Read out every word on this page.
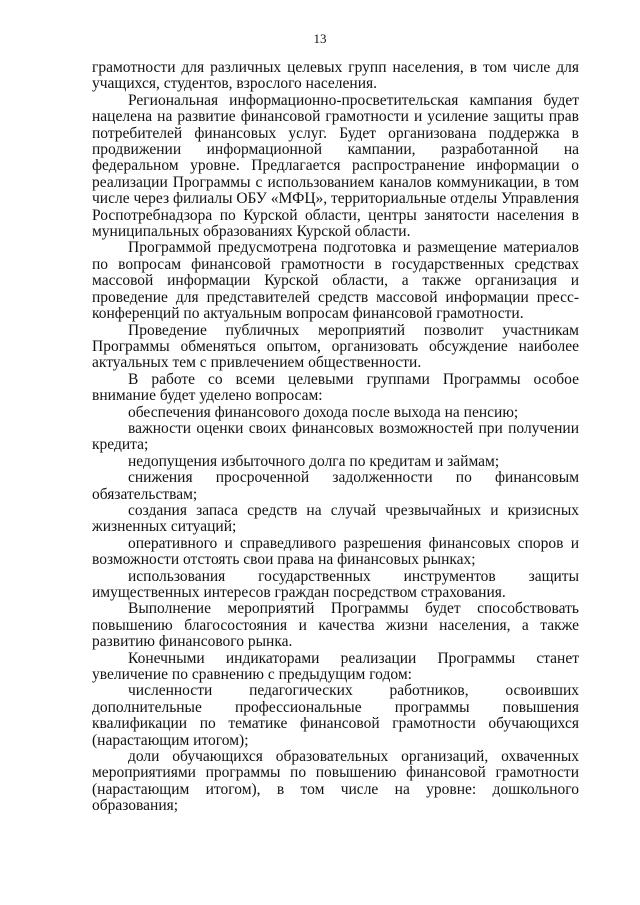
13

грамотности для различных целевых групп населения, в том числе для учащихся, студентов, взрослого населения.

Региональная информационно-просветительская кампания будет нацелена на развитие финансовой грамотности и усиление защиты прав потребителей финансовых услуг. Будет организована поддержка в продвижении информационной кампании, разработанной на федеральном уровне. Предлагается распространение информации о реализации Программы с использованием каналов коммуникации, в том числе через филиалы ОБУ «МФЦ», территориальные отделы Управления Роспотребнадзора по Курской области, центры занятости населения в муниципальных образованиях Курской области.

Программой предусмотрена подготовка и размещение материалов по вопросам финансовой грамотности в государственных средствах массовой информации Курской области, а также организация и проведение для представителей средств массовой информации пресс-конференций по актуальным вопросам финансовой грамотности.

Проведение публичных мероприятий позволит участникам Программы обменяться опытом, организовать обсуждение наиболее актуальных тем с привлечением общественности.

В работе со всеми целевыми группами Программы особое внимание будет уделено вопросам:

обеспечения финансового дохода после выхода на пенсию;

важности оценки своих финансовых возможностей при получении кредита;

недопущения избыточного долга по кредитам и займам;

снижения просроченной задолженности по финансовым обязательствам;

создания запаса средств на случай чрезвычайных и кризисных жизненных ситуаций;

оперативного и справедливого разрешения финансовых споров и возможности отстоять свои права на финансовых рынках;

использования государственных инструментов защиты имущественных интересов граждан посредством страхования.

Выполнение мероприятий Программы будет способствовать повышению благосостояния и качества жизни населения, а также развитию финансового рынка.

Конечными индикаторами реализации Программы станет увеличение по сравнению с предыдущим годом:

численности педагогических работников, освоивших дополнительные профессиональные программы повышения квалификации по тематике финансовой грамотности обучающихся (нарастающим итогом);

доли обучающихся образовательных организаций, охваченных мероприятиями программы по повышению финансовой грамотности (нарастающим итогом), в том числе на уровне: дошкольного образования;
